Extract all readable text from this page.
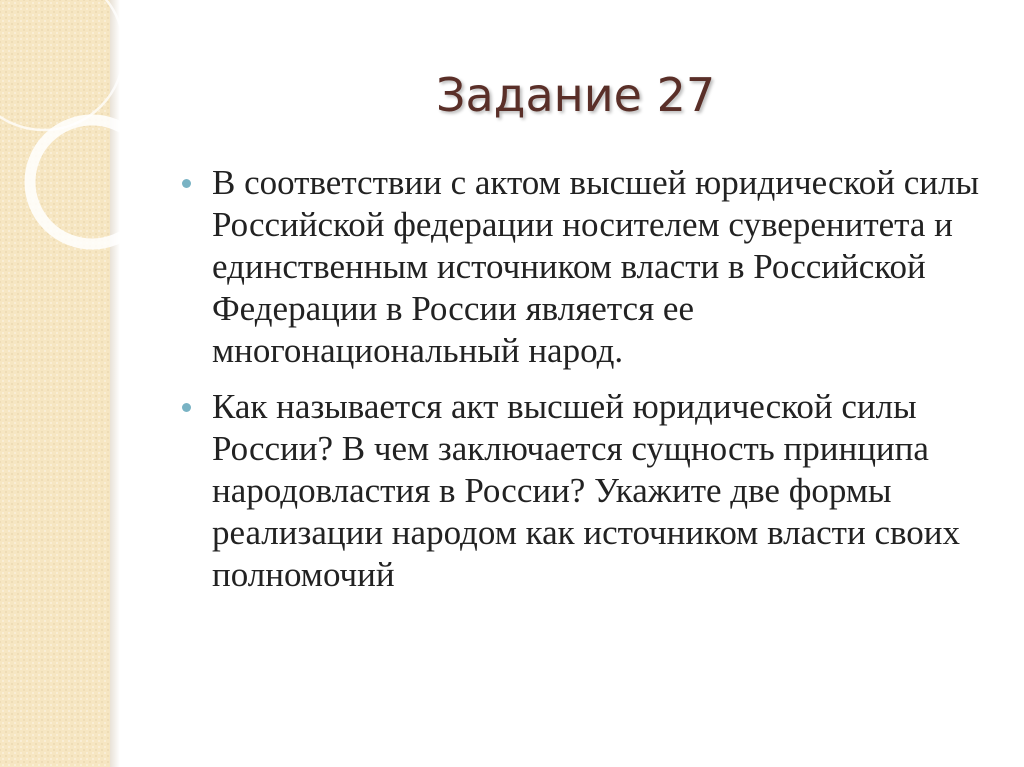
Задание 27
В соответствии с актом высшей юридической силы Российской федерации носителем суверенитета и единственным источником власти в Российской Федерации в России является ее многонациональный народ.
Как называется акт высшей юридической силы России? В чем заключается сущность принципа народовластия в России? Укажите две формы реализации народом как источником власти своих полномочий
